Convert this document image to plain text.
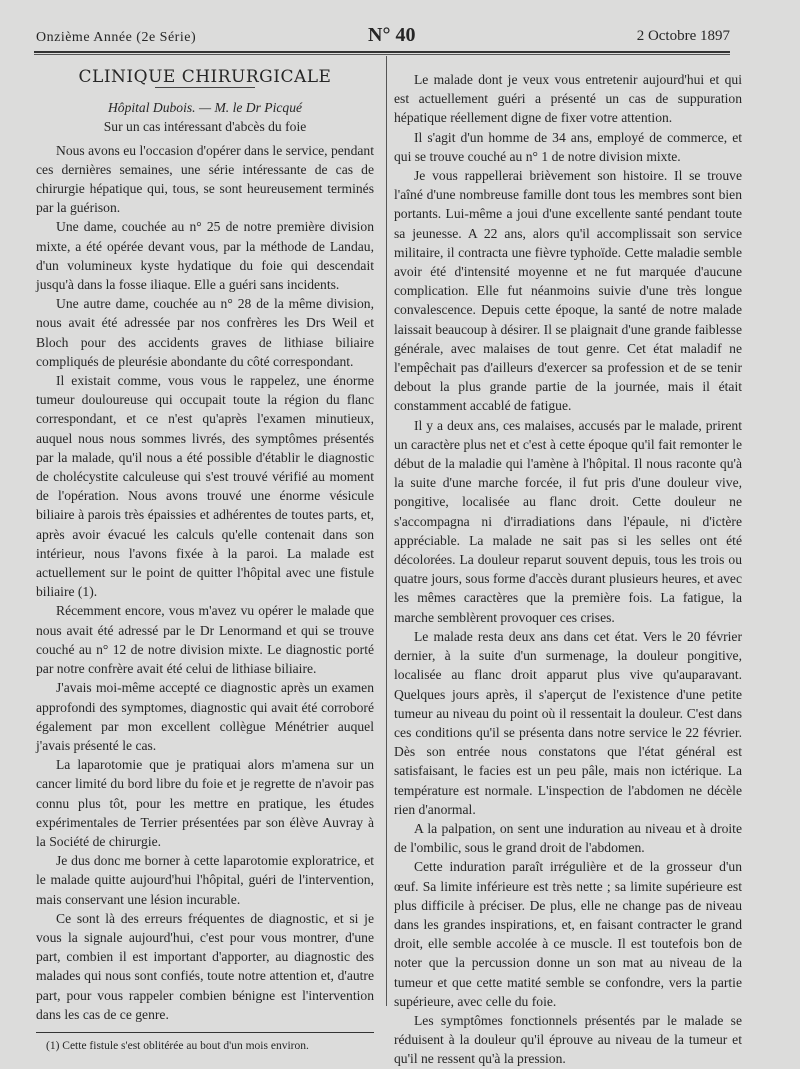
Onzième Année (2e Série)	N° 40	2 Octobre 1897

CLINIQUE CHIRURGICALE

Hôpital Dubois. — M. le Dr Picqué

Sur un cas intéressant d'abcès du foie

Nous avons eu l'occasion d'opérer dans le service, pendant ces dernières semaines, une série intéressante de cas de chirurgie hépatique qui, tous, se sont heureusement terminés par la guérison.

Une dame, couchée au n° 25 de notre première division mixte, a été opérée devant vous, par la méthode de Landau, d'un volumineux kyste hydatique du foie qui descendait jusqu'à dans la fosse iliaque. Elle a guéri sans incidents.

Une autre dame, couchée au n° 28 de la même division, nous avait été adressée par nos confrères les Drs Weil et Bloch pour des accidents graves de lithiase biliaire compliqués de pleurésie abondante du côté correspondant.

Il existait comme, vous vous le rappelez, une énorme tumeur douloureuse qui occupait toute la région du flanc correspondant, et ce n'est qu'après l'examen minutieux, auquel nous nous sommes livrés, des symptômes présentés par la malade, qu'il nous a été possible d'établir le diagnostic de cholécystite calculeuse qui s'est trouvé vérifié au moment de l'opération. Nous avons trouvé une énorme vésicule biliaire à parois très épaissies et adhérentes de toutes parts, et, après avoir évacué les calculs qu'elle contenait dans son intérieur, nous l'avons fixée à la paroi. La malade est actuellement sur le point de quitter l'hôpital avec une fistule biliaire (1).

Récemment encore, vous m'avez vu opérer le malade que nous avait été adressé par le Dr Lenormand et qui se trouve couché au n° 12 de notre division mixte. Le diagnostic porté par notre confrère avait été celui de lithiase biliaire.

J'avais moi-même accepté ce diagnostic après un examen approfondi des symptomes, diagnostic qui avait été corroboré également par mon excellent collègue Ménétrier auquel j'avais présenté le cas.

La laparotomie que je pratiquai alors m'amena sur un cancer limité du bord libre du foie et je regrette de n'avoir pas connu plus tôt, pour les mettre en pratique, les études expérimentales de Terrier présentées par son élève Auvray à la Société de chirurgie.

Je dus donc me borner à cette laparotomie exploratrice, et le malade quitte aujourd'hui l'hôpital, guéri de l'intervention, mais conservant une lésion incurable.

Ce sont là des erreurs fréquentes de diagnostic, et si je vous la signale aujourd'hui, c'est pour vous montrer, d'une part, combien il est important d'apporter, au diagnostic des malades qui nous sont confiés, toute notre attention et, d'autre part, pour vous rappeler combien bénigne est l'intervention dans les cas de ce genre.

(1) Cette fistule s'est oblitérée au bout d'un mois environ.

Le malade dont je veux vous entretenir aujourd'hui et qui est actuellement guéri a présenté un cas de suppuration hépatique réellement digne de fixer votre attention.

Il s'agit d'un homme de 34 ans, employé de commerce, et qui se trouve couché au n° 1 de notre division mixte.

Je vous rappellerai brièvement son histoire. Il se trouve l'aîné d'une nombreuse famille dont tous les membres sont bien portants. Lui-même a joui d'une excellente santé pendant toute sa jeunesse. A 22 ans, alors qu'il accomplissait son service militaire, il contracta une fièvre typhoïde. Cette maladie semble avoir été d'intensité moyenne et ne fut marquée d'aucune complication. Elle fut néanmoins suivie d'une très longue convalescence. Depuis cette époque, la santé de notre malade laissait beaucoup à désirer. Il se plaignait d'une grande faiblesse générale, avec malaises de tout genre. Cet état maladif ne l'empêchait pas d'ailleurs d'exercer sa profession et de se tenir debout la plus grande partie de la journée, mais il était constamment accablé de fatigue.

Il y a deux ans, ces malaises, accusés par le malade, prirent un caractère plus net et c'est à cette époque qu'il fait remonter le début de la maladie qui l'amène à l'hôpital. Il nous raconte qu'à la suite d'une marche forcée, il fut pris d'une douleur vive, pongitive, localisée au flanc droit. Cette douleur ne s'accompagna ni d'irradiations dans l'épaule, ni d'ictère appréciable. La malade ne sait pas si les selles ont été décolorées. La douleur reparut souvent depuis, tous les trois ou quatre jours, sous forme d'accès durant plusieurs heures, et avec les mêmes caractères que la première fois. La fatigue, la marche semblèrent provoquer ces crises.

Le malade resta deux ans dans cet état. Vers le 20 février dernier, à la suite d'un surmenage, la douleur pongitive, localisée au flanc droit apparut plus vive qu'auparavant. Quelques jours après, il s'aperçut de l'existence d'une petite tumeur au niveau du point où il ressentait la douleur. C'est dans ces conditions qu'il se présenta dans notre service le 22 février. Dès son entrée nous constatons que l'état général est satisfaisant, le facies est un peu pâle, mais non ictérique. La température est normale. L'inspection de l'abdomen ne décèle rien d'anormal.

A la palpation, on sent une induration au niveau et à droite de l'ombilic, sous le grand droit de l'abdomen.

Cette induration paraît irrégulière et de la grosseur d'un œuf. Sa limite inférieure est très nette ; sa limite supérieure est plus difficile à préciser. De plus, elle ne change pas de niveau dans les grandes inspirations, et, en faisant contracter le grand droit, elle semble accolée à ce muscle. Il est toutefois bon de noter que la percussion donne un son mat au niveau de la tumeur et que cette matité semble se confondre, vers la partie supérieure, avec celle du foie.

Les symptômes fonctionnels présentés par le malade se réduisent à la douleur qu'il éprouve au niveau de la tumeur et qu'il ne ressent qu'à la pression.
